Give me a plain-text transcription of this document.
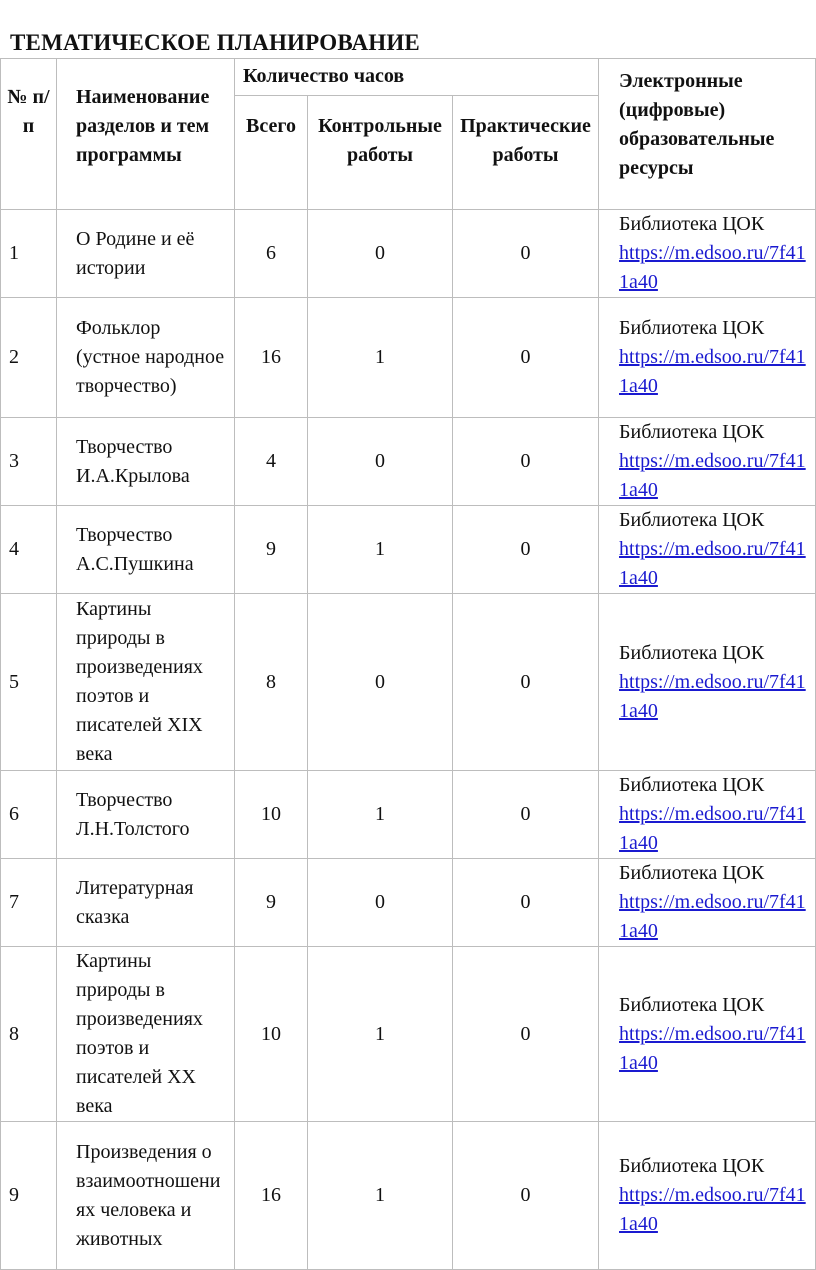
ТЕМАТИЧЕСКОЕ ПЛАНИРОВАНИЕ
№ п/п	Наименование разделов и тем программы	Количество часов			Электронные (цифровые) образовательные ресурсы
		Всего	Контрольные работы	Практические работы	
1	О Родине и её истории	6	0	0	Библиотека ЦОК
https://m.edsoo.ru/7f411a40

2	Фольклор (устное народное творчество)	16	1	0	Библиотека ЦОК
https://m.edsoo.ru/7f411a40

3	Творчество И.А.Крылова	4	0	0	Библиотека ЦОК
https://m.edsoo.ru/7f411a40

4	Творчество А.С.Пушкина	9	1	0	Библиотека ЦОК
https://m.edsoo.ru/7f411a40

5	Картины природы в произведениях поэтов и писателей XIX века	8	0	0	Библиотека ЦОК
https://m.edsoo.ru/7f411a40

6	Творчество Л.Н.Толстого	10	1	0	Библиотека ЦОК
https://m.edsoo.ru/7f411a40

7	Литературная сказка	9	0	0	Библиотека ЦОК
https://m.edsoo.ru/7f411a40

8	Картины природы в произведениях поэтов и писателей XX века	10	1	0	Библиотека ЦОК
https://m.edsoo.ru/7f411a40

9	Произведения о взаимоотношениях человека и животных	16	1	0	Библиотека ЦОК
https://m.edsoo.ru/7f411a40
